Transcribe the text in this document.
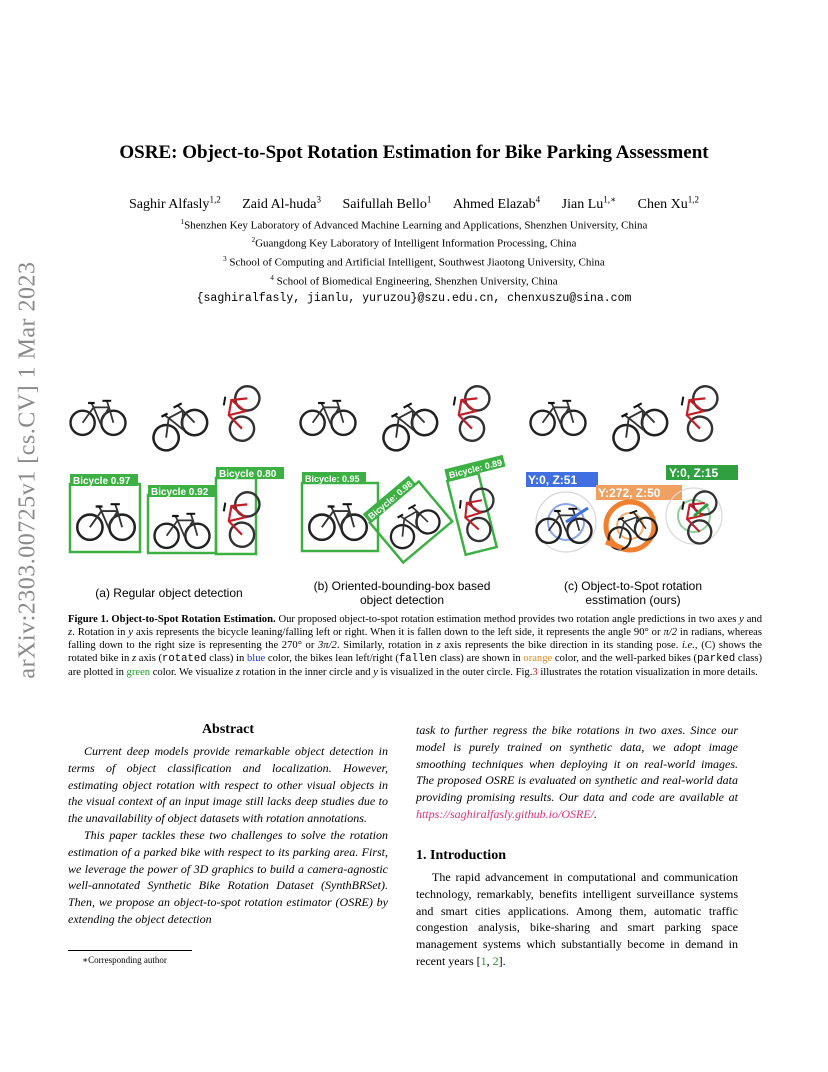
arXiv:2303.00725v1 [cs.CV] 1 Mar 2023
OSRE: Object-to-Spot Rotation Estimation for Bike Parking Assessment
Saghir Alfasly$^{1,2}$ Zaid Al-huda$^3$ Saifullah Bello$^1$ Ahmed Elazab$^4$ Jian $Lu^{1,∗}$ Chen Xu$^{1,2}$
$^1$Shenzhen Key Laboratory of Advanced Machine Learning and Applications, Shenzhen University, China
$^2$Guangdong Key Laboratory of Intelligent Information Processing, China
$^3$ School of Computing and Artificial Intelligent, Southwest Jiaotong University, China
$^4$ School of Biomedical Engineering, Shenzhen University, China
{saghiralfasly, jianlu, yuruzou}@szu.edu.cn, chenxuszu@sina.com
Bicycle 0.97
Bicycle 0.92
Bicycle 0.80	Bicycle: 0.95 Bicycle: 0.98
Bicycle: 0.89 Y:0, Z:51
Y:272, Z:50
Y:0, Z:15
(a) Regular object detection	(b) Oriented-bounding-box based
object detection
(c) Object-to-Spot rotation
esstimation (ours)
Figure 1. Object-to-Spot Rotation Estimation. Our proposed object-to-spot rotation estimation method provides two rotation angle predictions in two axes y and z. Rotation in y axis represents the bicycle leaning/falling left or right. When it is fallen down to the left side, it represents the angle 90° or π/2 in radians, whereas falling down to the right size is representing the 270° or 3π/2. Similarly, rotation in z axis represents the bike direction in its standing pose. i.e., (C) shows the rotated bike in z axis (rotated class) in blue color, the bikes lean left/right (fallen class) are shown in orange color, and the well-parked bikes (parked class) are plotted in green color. We visualize z rotation in the inner circle and y is visualized in the outer circle. Fig.3 illustrates the rotation visualization in more details.
Abstract
Current deep models provide remarkable object detection in terms of object classification and localization. However, estimating object rotation with respect to other visual objects in the visual context of an input image still lacks deep studies due to the unavailability of object datasets with rotation annotations.
This paper tackles these two challenges to solve the rotation estimation of a parked bike with respect to its parking area. First, we leverage the power of 3D graphics to build a camera-agnostic well-annotated Synthetic Bike Rotation Dataset (SynthBRSet). Then, we propose an object-to-spot rotation estimator (OSRE) by extending the object detection
∗Corresponding author
task to further regress the bike rotations in two axes. Since our model is purely trained on synthetic data, we adopt image smoothing techniques when deploying it on real-world images. The proposed OSRE is evaluated on synthetic and real-world data providing promising results. Our data and code are available at https://saghiralfasly.github.io/OSRE/.
1. Introduction
The rapid advancement in computational and communication technology, remarkably, benefits intelligent surveillance systems and smart cities applications. Among them, automatic traffic congestion analysis, bike-sharing and smart parking space management systems which substantially become in demand in recent years [1, 2].
